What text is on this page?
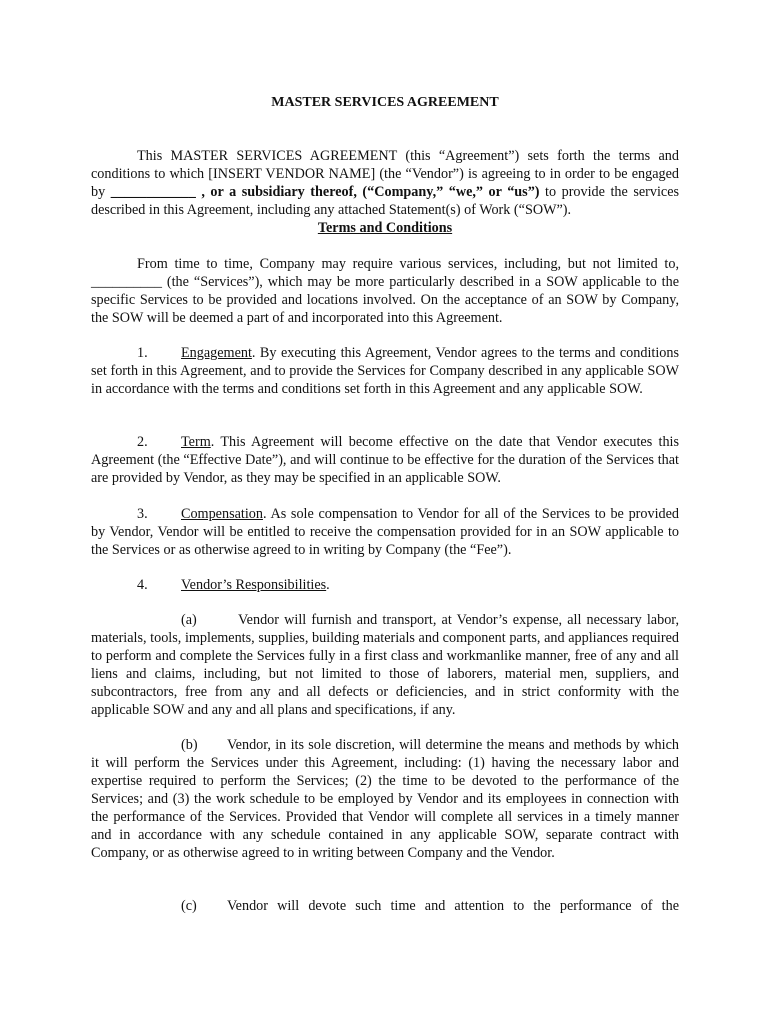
MASTER SERVICES AGREEMENT
This MASTER SERVICES AGREEMENT (this “Agreement”) sets forth the terms and conditions to which [INSERT VENDOR NAME] (the “Vendor”) is agreeing to in order to be engaged by ____________ , or a subsidiary thereof, (“Company,” “we,” or “us”) to provide the services described in this Agreement, including any attached Statement(s) of Work (“SOW”).
Terms and Conditions
From time to time, Company may require various services, including, but not limited to, __________ (the “Services”), which may be more particularly described in a SOW applicable to the specific Services to be provided and locations involved. On the acceptance of an SOW by Company, the SOW will be deemed a part of and incorporated into this Agreement.
1. Engagement. By executing this Agreement, Vendor agrees to the terms and conditions set forth in this Agreement, and to provide the Services for Company described in any applicable SOW in accordance with the terms and conditions set forth in this Agreement and any applicable SOW.
2. Term. This Agreement will become effective on the date that Vendor executes this Agreement (the “Effective Date”), and will continue to be effective for the duration of the Services that are provided by Vendor, as they may be specified in an applicable SOW.
3. Compensation. As sole compensation to Vendor for all of the Services to be provided by Vendor, Vendor will be entitled to receive the compensation provided for in an SOW applicable to the Services or as otherwise agreed to in writing by Company (the “Fee”).
4. Vendor’s Responsibilities.
(a)	Vendor will furnish and transport, at Vendor’s expense, all necessary labor, materials, tools, implements, supplies, building materials and component parts, and appliances required to perform and complete the Services fully in a first class and workmanlike manner, free of any and all liens and claims, including, but not limited to those of laborers, material men, suppliers, and subcontractors, free from any and all defects or deficiencies, and in strict conformity with the applicable SOW and any and all plans and specifications, if any.
(b) Vendor, in its sole discretion, will determine the means and methods by which it will perform the Services under this Agreement, including: (1) having the necessary labor and expertise required to perform the Services; (2) the time to be devoted to the performance of the Services; and (3) the work schedule to be employed by Vendor and its employees in connection with the performance of the Services. Provided that Vendor will complete all services in a timely manner and in accordance with any schedule contained in any applicable SOW, separate contract with Company, or as otherwise agreed to in writing between Company and the Vendor.
(c) Vendor will devote such time and attention to the performance of the
